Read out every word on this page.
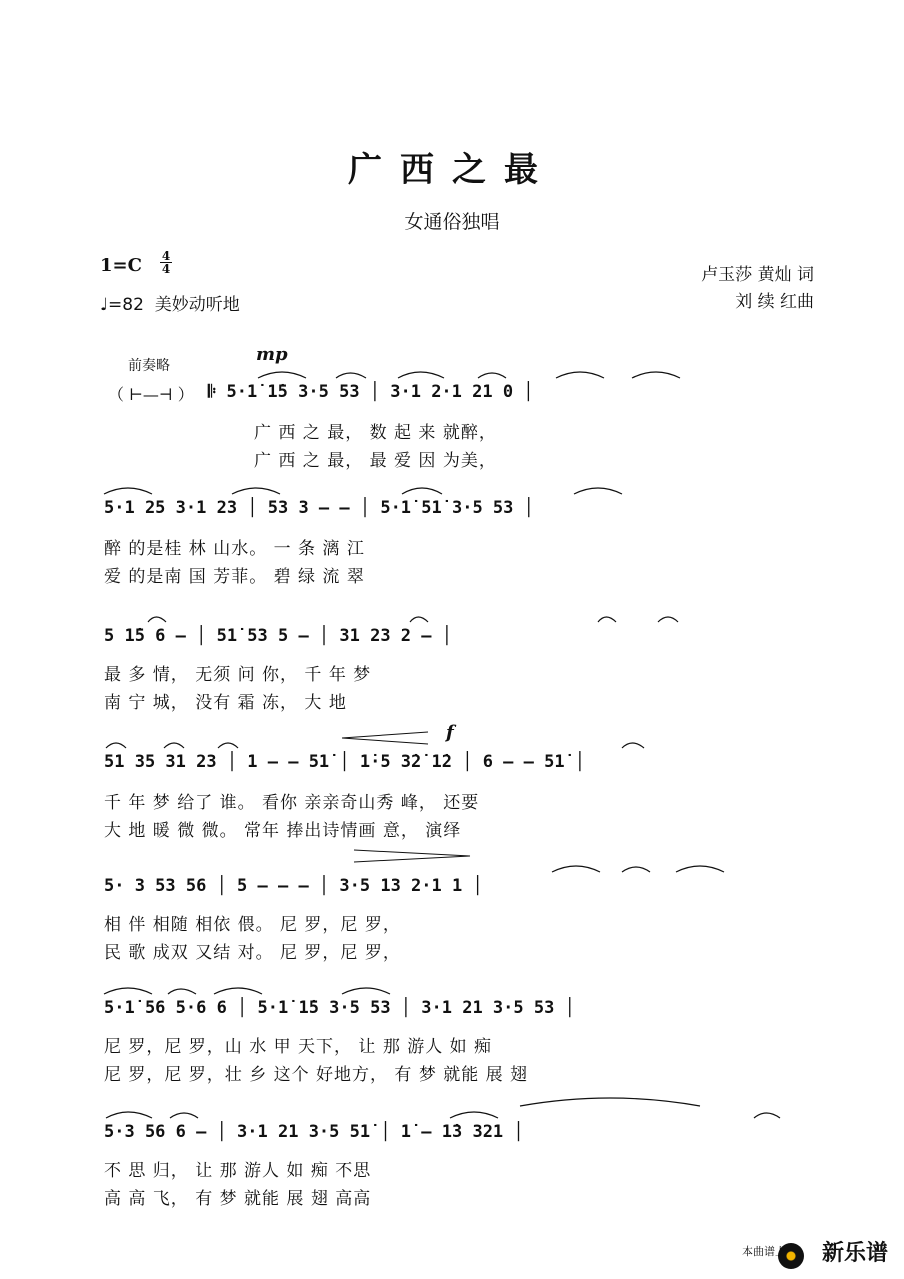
广西之最
女通俗独唱
1=C 4
4
♩=82 美妙动听地
卢玉莎 黄灿 词
刘 续 红曲
前奏略
（ ⊢—⊣ ）
mp
f
𝄆 5·1̇ 1̇5 3·5 53 │ 3·1 2·1 21 0 │
广 西 之 最， 数 起 来 就醉，
广 西 之 最， 最 爱 因 为美，
5·1 25 3·1 23 │ 53 3 – – │ 5·1̇ 51̇ 3·5 53 │
醉 的是桂 林 山水。 一 条 漓 江
爱 的是南 国 芳菲。 碧 绿 流 翠
5 1̇5 6 – │ 51̇ 53 5 – │ 31 23 2 – │
最 多 情， 无须 问 你， 千 年 梦
南 宁 城， 没有 霜 冻， 大 地
51 35 31 23 │ 1 – – 51̇ │ 1̇·5 3̇2̇ 1̇2 │ 6 – – 51̇ │
千 年 梦 给了 谁。 看你 亲亲奇山秀 峰， 还要
大 地 暖 微 微。 常年 捧出诗情画 意， 演绎
5· 3 53 56 │ 5 – – – │ 3·5 13 2·1 1 │
相 伴 相随 相依 偎。 尼 罗，尼 罗，
民 歌 成双 又结 对。 尼 罗，尼 罗，
5·1̇ 56 5·6 6 │ 5·1̇ 1̇5 3·5 53 │ 3·1 21 3·5 53 │
尼 罗，尼 罗，山 水 甲 天下， 让 那 游人 如 痴
尼 罗，尼 罗，壮 乡 这个 好地方， 有 梦 就能 展 翅
5·3 56 6 – │ 3·1 21 3·5 51̇ │ 1̇ – 1̇3 321 │
不 思 归， 让 那 游人 如 痴 不思
高 高 飞， 有 梦 就能 展 翅 高高
本曲谱上 新乐谱
